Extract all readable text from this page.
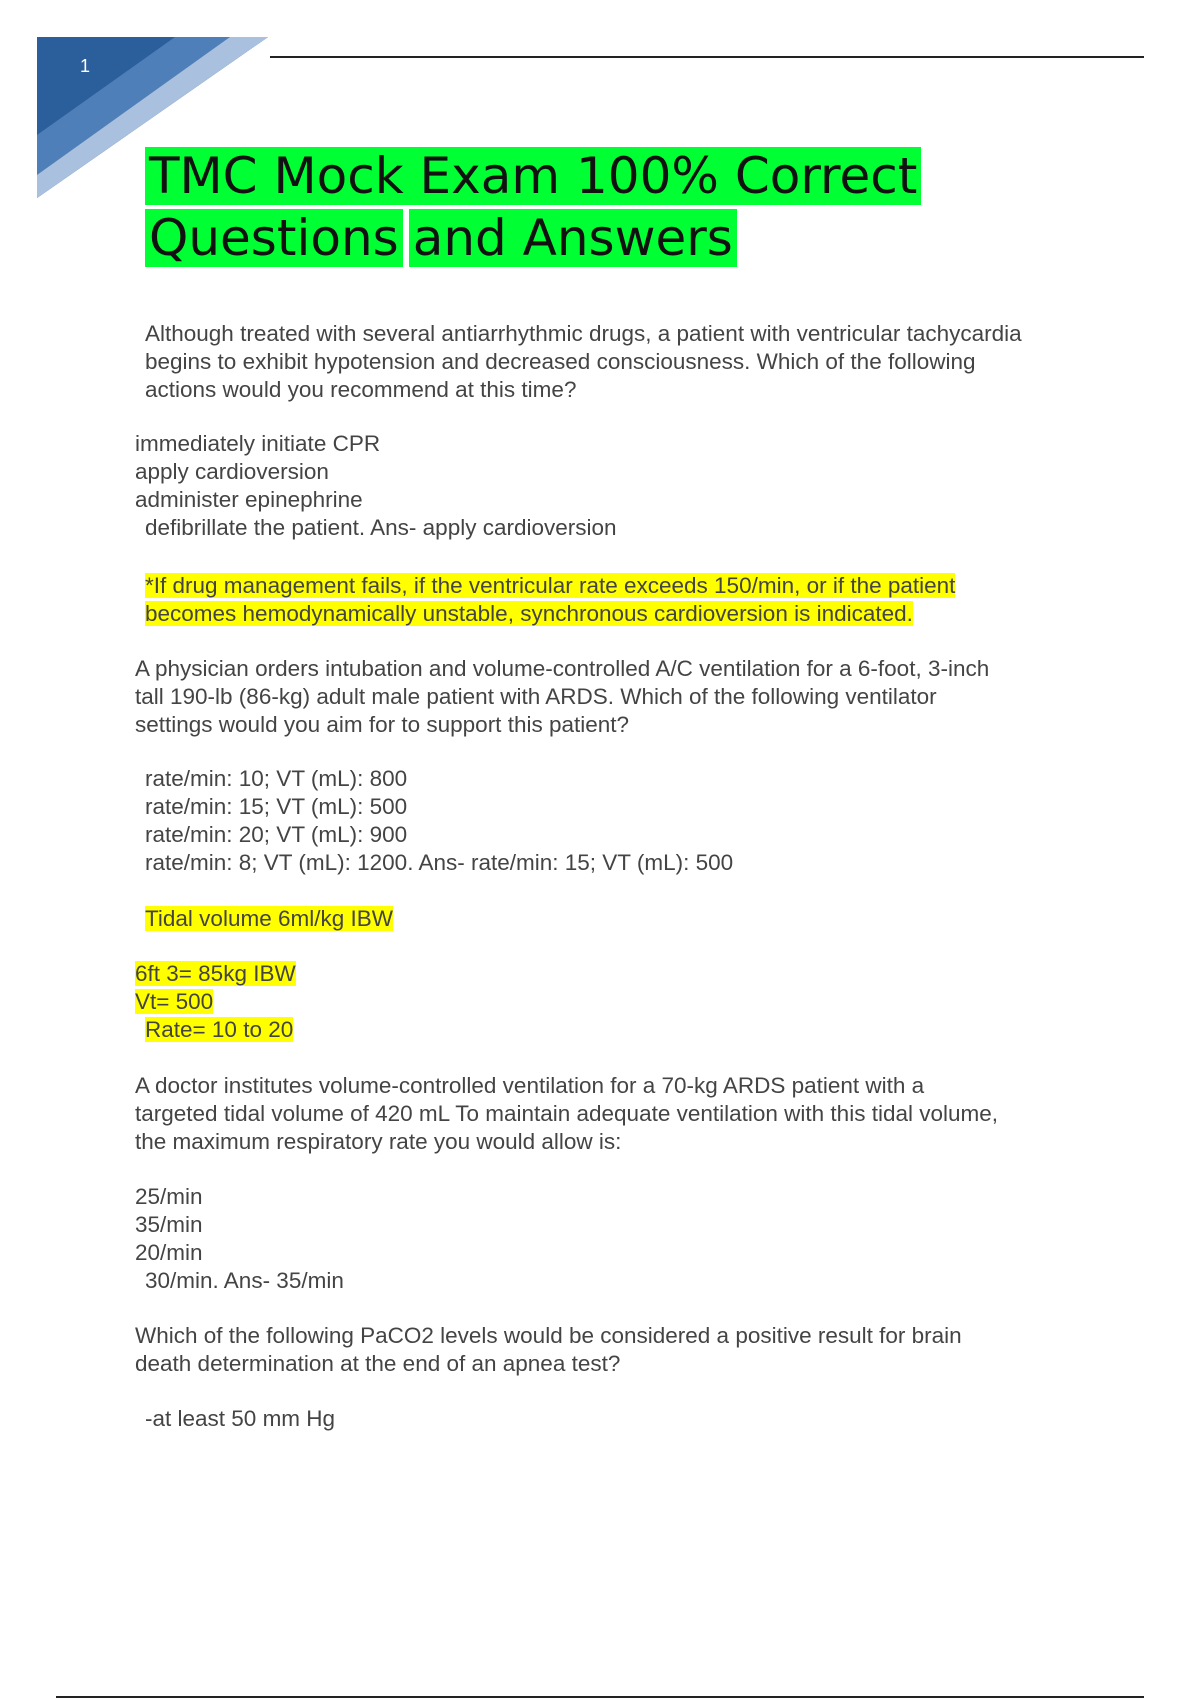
1
TMC Mock Exam 100% Correct
Questions and Answers
Although treated with several antiarrhythmic drugs, a patient with ventricular tachycardia
begins to exhibit hypotension and decreased consciousness. Which of the following
actions would you recommend at this time?
immediately initiate CPR
apply cardioversion
administer epinephrine
defibrillate the patient. Ans- apply cardioversion
*If drug management fails, if the ventricular rate exceeds 150/min, or if the patient
becomes hemodynamically unstable, synchronous cardioversion is indicated.
A physician orders intubation and volume-controlled A/C ventilation for a 6-foot, 3-inch
tall 190-lb (86-kg) adult male patient with ARDS. Which of the following ventilator
settings would you aim for to support this patient?
rate/min: 10; VT (mL): 800
rate/min: 15; VT (mL): 500
rate/min: 20; VT (mL): 900
rate/min: 8; VT (mL): 1200. Ans- rate/min: 15; VT (mL): 500
Tidal volume 6ml/kg IBW
6ft 3= 85kg IBW
Vt= 500
Rate= 10 to 20
A doctor institutes volume-controlled ventilation for a 70-kg ARDS patient with a
targeted tidal volume of 420 mL To maintain adequate ventilation with this tidal volume,
the maximum respiratory rate you would allow is:
25/min
35/min
20/min
30/min. Ans- 35/min
Which of the following PaCO2 levels would be considered a positive result for brain
death determination at the end of an apnea test?
-at least 50 mm Hg
